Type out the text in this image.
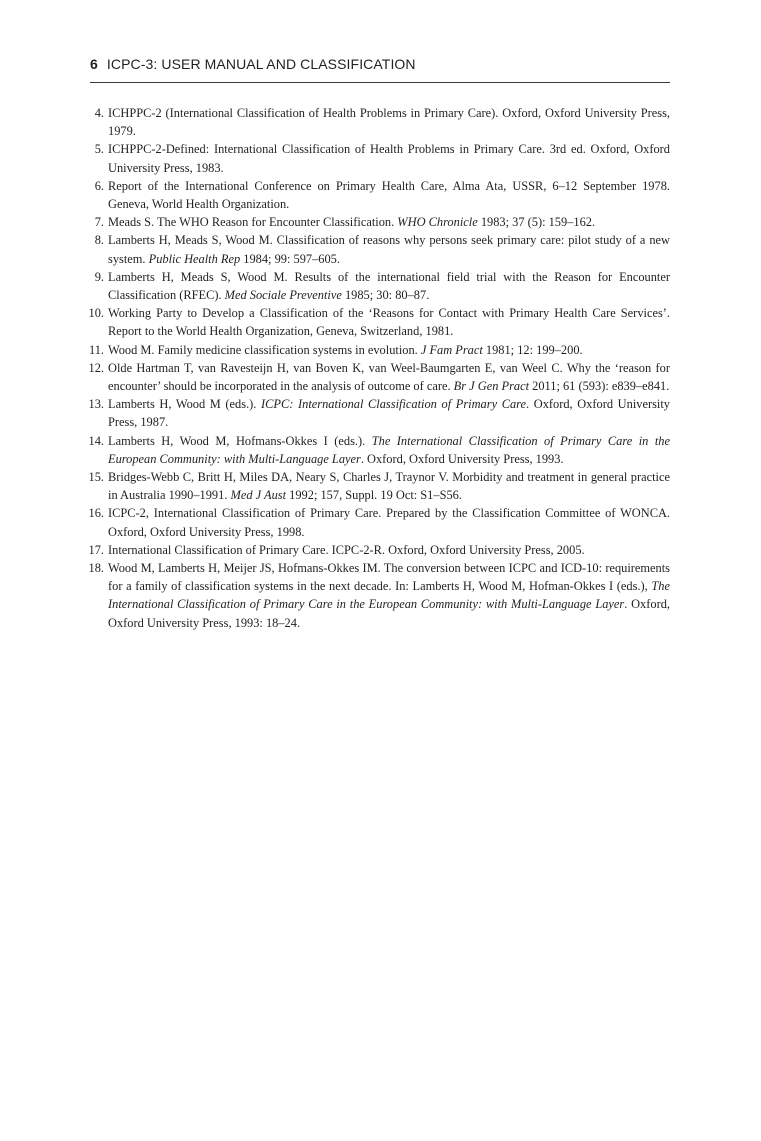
6 ICPC-3: USER MANUAL AND CLASSIFICATION
4. ICHPPC-2 (International Classification of Health Problems in Primary Care). Oxford, Oxford University Press, 1979.
5. ICHPPC-2-Defined: International Classification of Health Problems in Primary Care. 3rd ed. Oxford, Oxford University Press, 1983.
6. Report of the International Conference on Primary Health Care, Alma Ata, USSR, 6–12 September 1978. Geneva, World Health Organization.
7. Meads S. The WHO Reason for Encounter Classification. WHO Chronicle 1983; 37 (5): 159–162.
8. Lamberts H, Meads S, Wood M. Classification of reasons why persons seek primary care: pilot study of a new system. Public Health Rep 1984; 99: 597–605.
9. Lamberts H, Meads S, Wood M. Results of the international field trial with the Reason for Encounter Classification (RFEC). Med Sociale Preventive 1985; 30: 80–87.
10. Working Party to Develop a Classification of the ‘Reasons for Contact with Primary Health Care Services’. Report to the World Health Organization, Geneva, Switzerland, 1981.
11. Wood M. Family medicine classification systems in evolution. J Fam Pract 1981; 12: 199–200.
12. Olde Hartman T, van Ravesteijn H, van Boven K, van Weel-Baumgarten E, van Weel C. Why the ‘reason for encounter’ should be incorporated in the analysis of outcome of care. Br J Gen Pract 2011; 61 (593): e839–e841.
13. Lamberts H, Wood M (eds.). ICPC: International Classification of Primary Care. Oxford, Oxford University Press, 1987.
14. Lamberts H, Wood M, Hofmans-Okkes I (eds.). The International Classification of Primary Care in the European Community: with Multi-Language Layer. Oxford, Oxford University Press, 1993.
15. Bridges-Webb C, Britt H, Miles DA, Neary S, Charles J, Traynor V. Morbidity and treatment in general practice in Australia 1990–1991. Med J Aust 1992; 157, Suppl. 19 Oct: S1–S56.
16. ICPC-2, International Classification of Primary Care. Prepared by the Classification Committee of WONCA. Oxford, Oxford University Press, 1998.
17. International Classification of Primary Care. ICPC-2-R. Oxford, Oxford University Press, 2005.
18. Wood M, Lamberts H, Meijer JS, Hofmans-Okkes IM. The conversion between ICPC and ICD-10: requirements for a family of classification systems in the next decade. In: Lamberts H, Wood M, Hofman-Okkes I (eds.), The International Classification of Primary Care in the European Community: with Multi-Language Layer. Oxford, Oxford University Press, 1993: 18–24.
